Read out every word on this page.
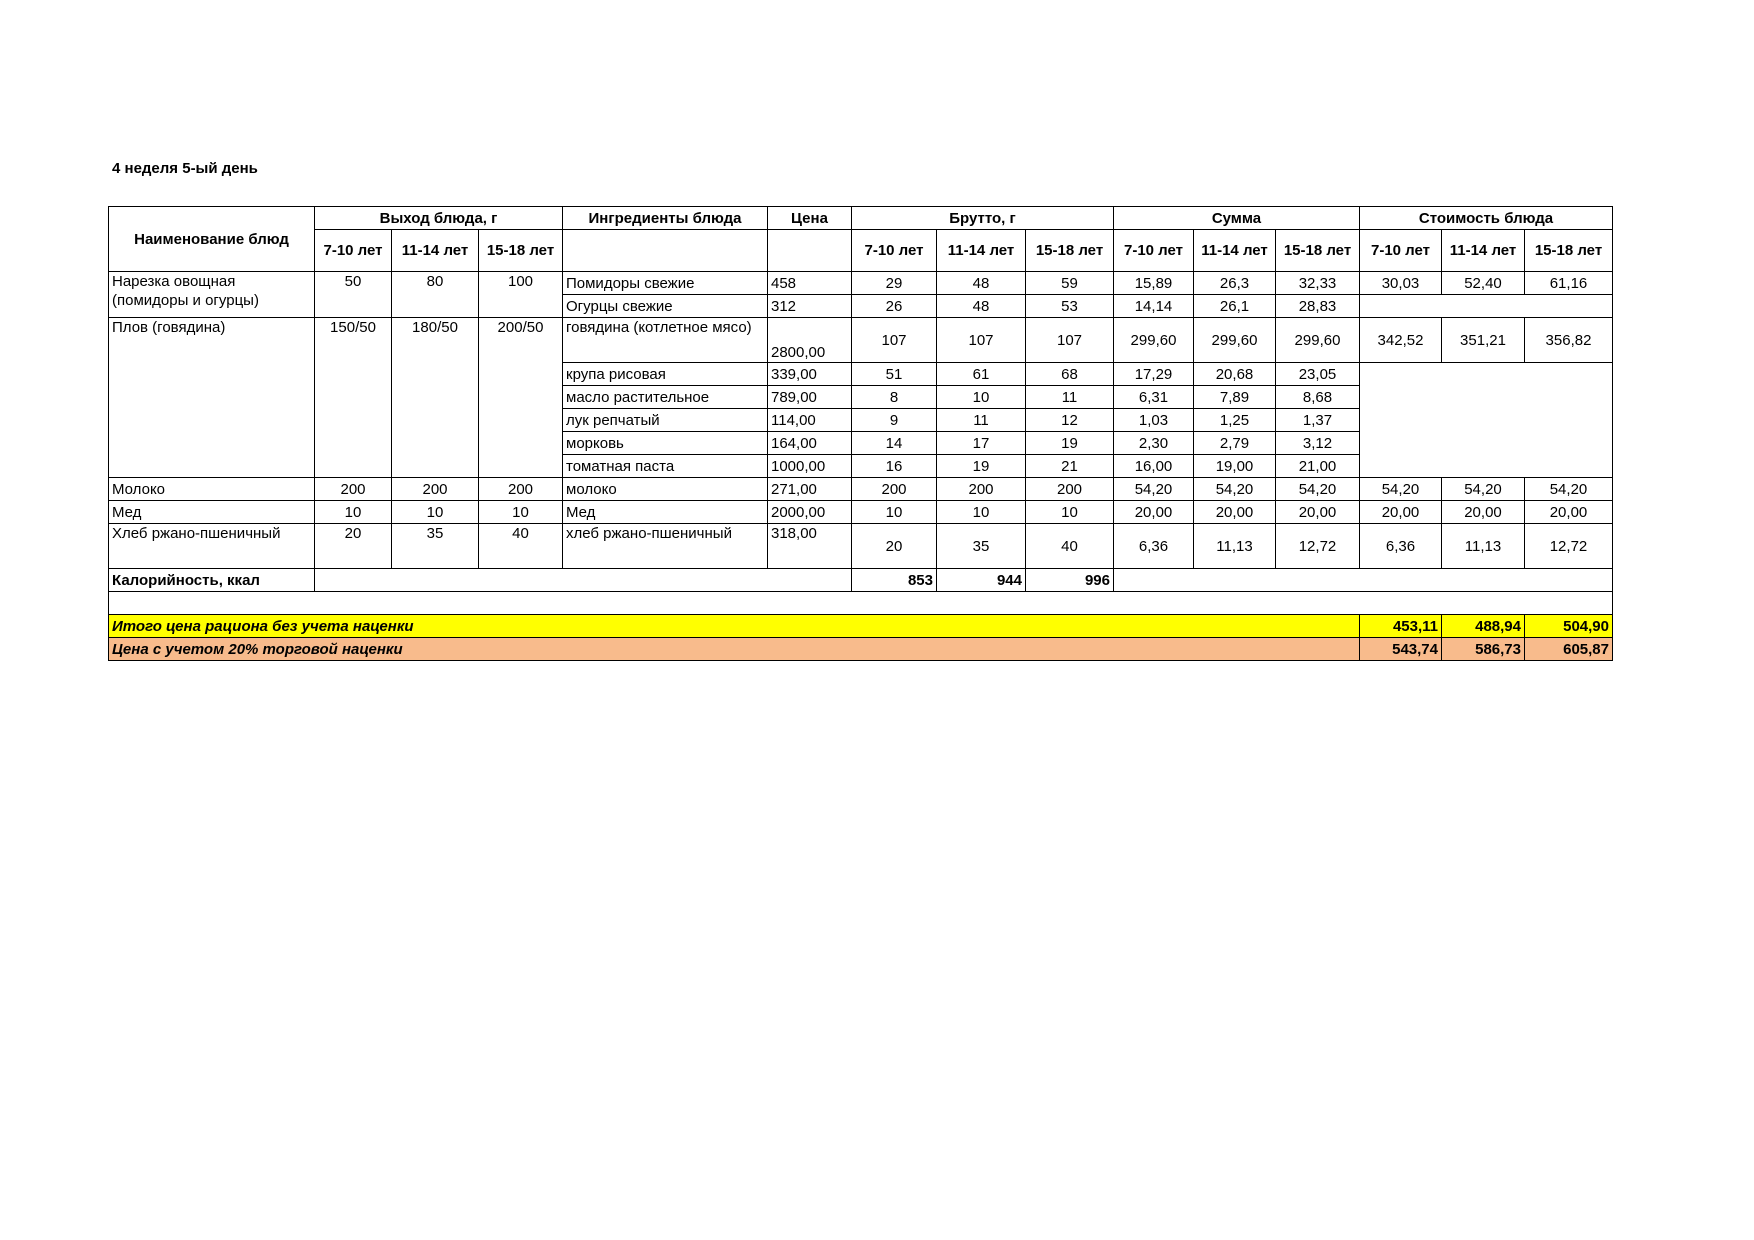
4 неделя 5-ый день
Наименование блюд	Выход блюда, г			Ингредиенты блюда	Цена	Брутто, г			Сумма			Стоимость блюда		
	7-10 лет	11-14 лет	15-18 лет			7-10 лет	11-14 лет	15-18 лет	7-10 лет	11-14 лет	15-18 лет	7-10 лет	11-14 лет	15-18 лет
Нарезка овощная (помидоры и огурцы)	50	80	100	Помидоры свежие	458	29	48	59	15,89	26,3	32,33	30,03	52,40	61,16
				Огурцы свежие	312	26	48	53	14,14	26,1	28,83			
Плов (говядина)	150/50	180/50	200/50	говядина (котлетное мясо)	2800,00	107	107	107	299,60	299,60	299,60	342,52	351,21	356,82
				крупа рисовая	339,00	51	61	68	17,29	20,68	23,05			
				масло растительное	789,00	8	10	11	6,31	7,89	8,68			
				лук репчатый	114,00	9	11	12	1,03	1,25	1,37			
				морковь	164,00	14	17	19	2,30	2,79	3,12			
				томатная паста	1000,00	16	19	21	16,00	19,00	21,00			
Молоко	200	200	200	молоко	271,00	200	200	200	54,20	54,20	54,20	54,20	54,20	54,20
Мед	10	10	10	Мед	2000,00	10	10	10	20,00	20,00	20,00	20,00	20,00	20,00
Хлеб ржано-пшеничный	20	35	40	хлеб ржано-пшеничный	318,00	20	35	40	6,36	11,13	12,72	6,36	11,13	12,72
Калорийность, ккал						853	944	996						

Итого цена рациона без учета наценки												453,11	488,94	504,90
Цена с учетом 20% торговой наценки												543,74	586,73	605,87
